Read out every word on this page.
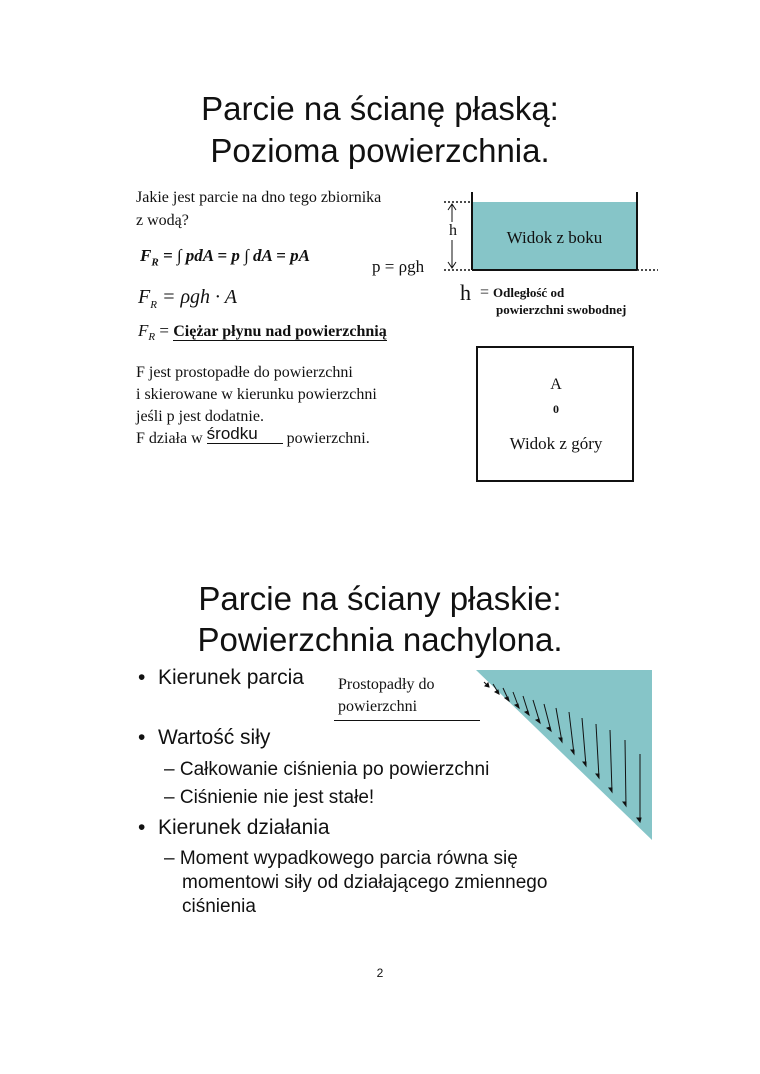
Parcie na ścianę płaską:
Pozioma powierzchnia.
Jakie jest parcie na dno tego zbiornika
z wodą?
$F_R$ = ∫ pdA = p ∫ dA = pA
p = ρgh
$F_R = \rho gh \cdot A$
$F_R$ = Ciężar płynu nad powierzchnią
F jest prostopadłe do powierzchni
i skierowane w kierunku powierzchni
jeśli p jest dodatnie.
F działa w środku powierzchni.
h	Widok z boku
h = Odległość od
powierzchni swobodnej
A
0
Widok z góry
Parcie na ściany płaskie:
Powierzchnia nachylona.
• Kierunek parcia Prostopadły do
powierzchni
• Wartość siły
– Całkowanie ciśnienia po powierzchni
– Ciśnienie nie jest stałe!
• Kierunek działania
– Moment wypadkowego parcia równa się
momentowi siły od działającego zmiennego
ciśnienia
2
